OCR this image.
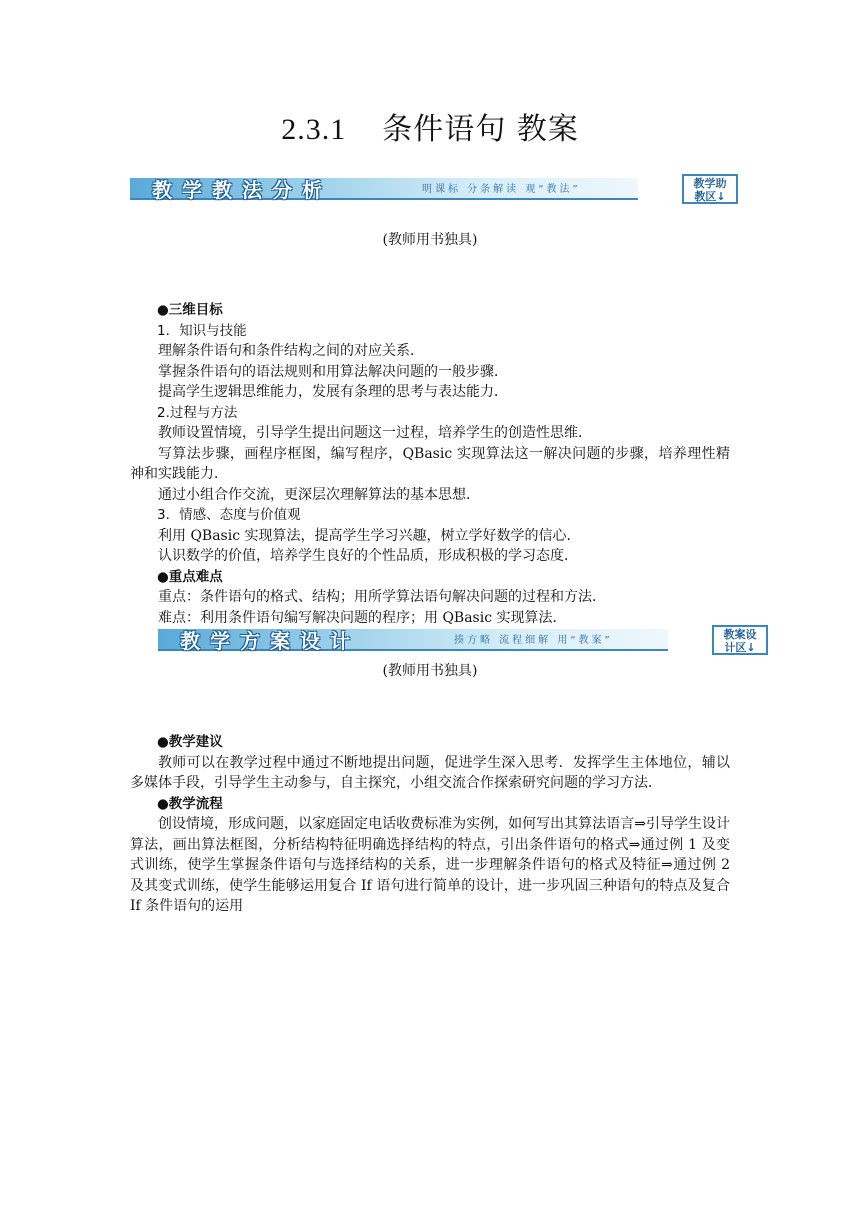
2.3.1 条件语句 教案
教学教法分析	明课标 分条解读 观“教法”	教学助
教区↓
(教师用书独具)

●三维目标

1．知识与技能

理解条件语句和条件结构之间的对应关系．

掌握条件语句的语法规则和用算法解决问题的一般步骤．

提高学生逻辑思维能力，发展有条理的思考与表达能力．

2.过程与方法

教师设置情境，引导学生提出问题这一过程，培养学生的创造性思维．

写算法步骤，画程序框图，编写程序，QBasic 实现算法这一解决问题的步骤，培养理性精神和实践能力．

通过小组合作交流，更深层次理解算法的基本思想．

3．情感、态度与价值观

利用 QBasic 实现算法，提高学生学习兴趣，树立学好数学的信心．

认识数学的价值，培养学生良好的个性品质，形成积极的学习态度．

●重点难点

重点：条件语句的格式、结构；用所学算法语句解决问题的过程和方法．

难点：利用条件语句编写解决问题的程序；用 QBasic 实现算法．

教学方案设计	揍方略 流程细解 用“教案”	教案设
计区↓
(教师用书独具)

●教学建议

教师可以在教学过程中通过不断地提出问题，促进学生深入思考．发挥学生主体地位，辅以多媒体手段，引导学生主动参与，自主探究，小组交流合作探索研究问题的学习方法．

●教学流程

创设情境，形成问题，以家庭固定电话收费标准为实例，如何写出其算法语言⇒引导学生设计算法，画出算法框图，分析结构特征明确选择结构的特点，引出条件语句的格式⇒通过例 1 及变式训练，使学生掌握条件语句与选择结构的关系，进一步理解条件语句的格式及特征⇒通过例 2 及其变式训练，使学生能够运用复合 If 语句进行简单的设计，进一步巩固三种语句的特点及复合 If 条件语句的运用
